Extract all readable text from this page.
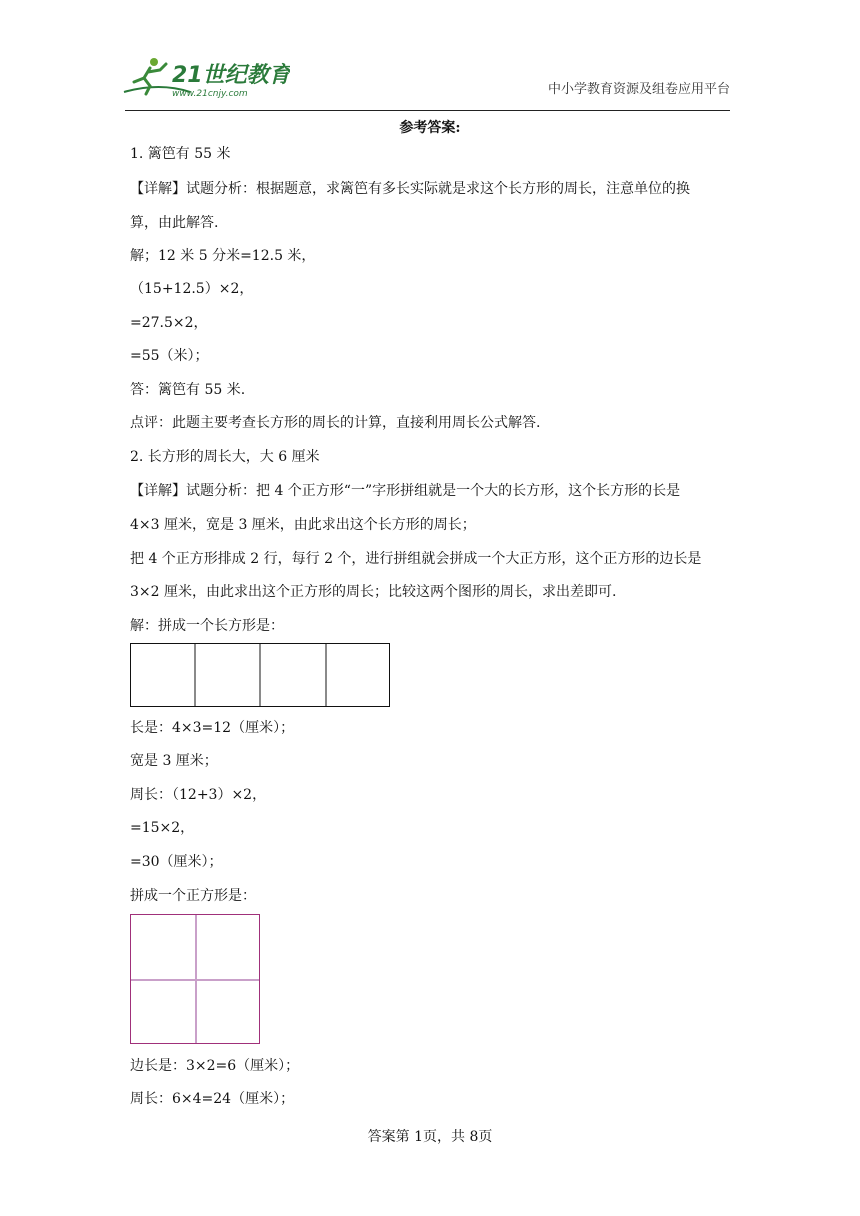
21世纪教育
www.21cnjy.com	中小学教育资源及组卷应用平台
参考答案:
1. 篱笆有 55 米
【详解】试题分析：根据题意，求篱笆有多长实际就是求这个长方形的周长，注意单位的换
算，由此解答.
解；12 米 5 分米=12.5 米，
（15+12.5）×2，
=27.5×2，
=55（米）；
答：篱笆有 55 米.
点评：此题主要考查长方形的周长的计算，直接利用周长公式解答.
2. 长方形的周长大，大 6 厘米
【详解】试题分析：把 4 个正方形“一”字形拼组就是一个大的长方形，这个长方形的长是
4×3 厘米，宽是 3 厘米，由此求出这个长方形的周长；
把 4 个正方形排成 2 行，每行 2 个，进行拼组就会拼成一个大正方形，这个正方形的边长是
3×2 厘米，由此求出这个正方形的周长；比较这两个图形的周长，求出差即可.
解：拼成一个长方形是：
长是：4×3=12（厘米）；
宽是 3 厘米；
周长：（12+3）×2，
=15×2，
=30（厘米）；
拼成一个正方形是：
边长是：3×2=6（厘米）；
周长：6×4=24（厘米）；
答案第 1页，共 8页
